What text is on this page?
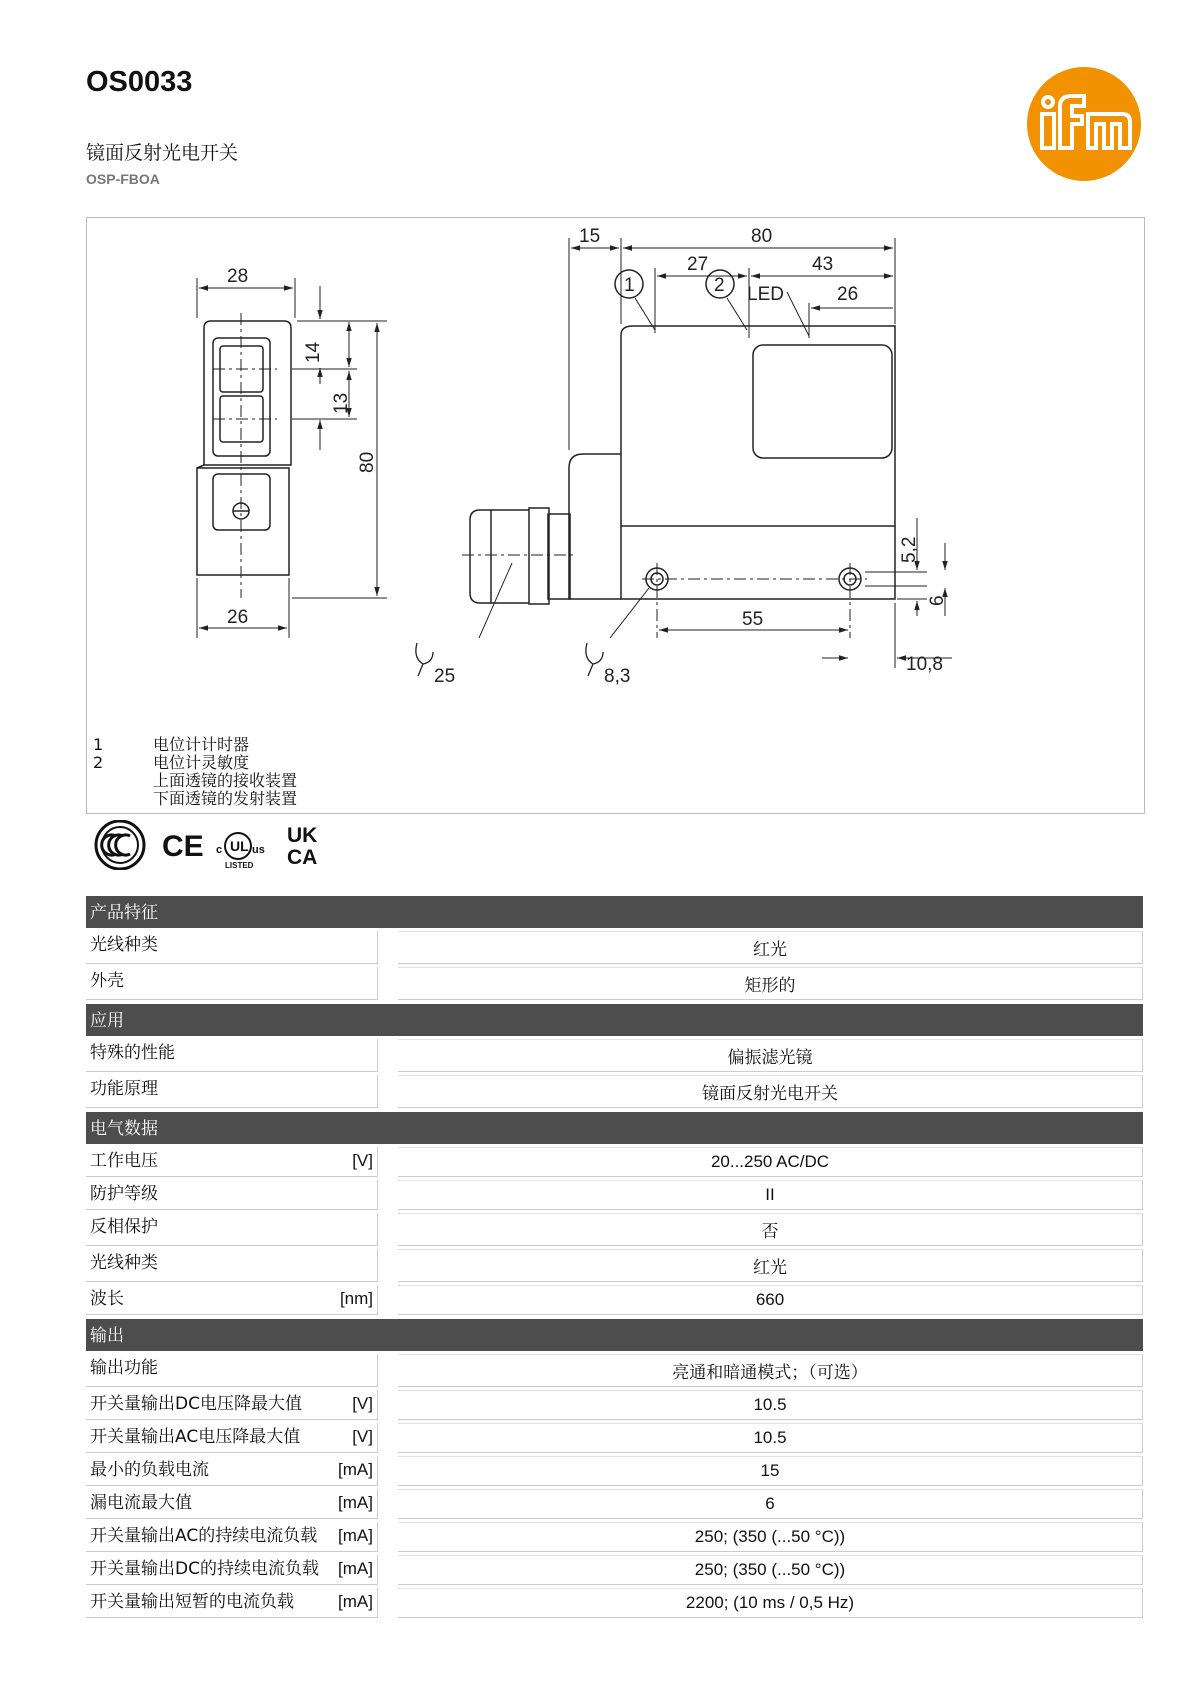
OS0033
镜面反射光电开关
OSP-FBOA
28
26
80
14
13
15	80
27	43
LED	26
1	2
55
10,8
5,2
6
25	8,3
1	电位计计时器
2	电位计灵敏度
上面透镜的接收装置
下面透镜的发射装置
CE c UL us
LISTED
UK
CA
产品特征
光线种类	红光
外壳	矩形的
应用
特殊的性能	偏振滤光镜
功能原理	镜面反射光电开关
电气数据
工作电压	[V]	20...250 AC/DC
防护等级	II
反相保护	否
光线种类	红光
波长	[nm]	660
输出
输出功能	亮通和暗通模式；（可选）
开关量输出DC电压降最大值	[V]	10.5
开关量输出AC电压降最大值	[V]	10.5
最小的负载电流	[mA]	15
漏电流最大值	[mA]	6
开关量输出AC的持续电流负载	[mA]	250; (350 (...50 °C))
开关量输出DC的持续电流负载	[mA]	250; (350 (...50 °C))
开关量输出短暂的电流负载	[mA]	2200; (10 ms / 0,5 Hz)
